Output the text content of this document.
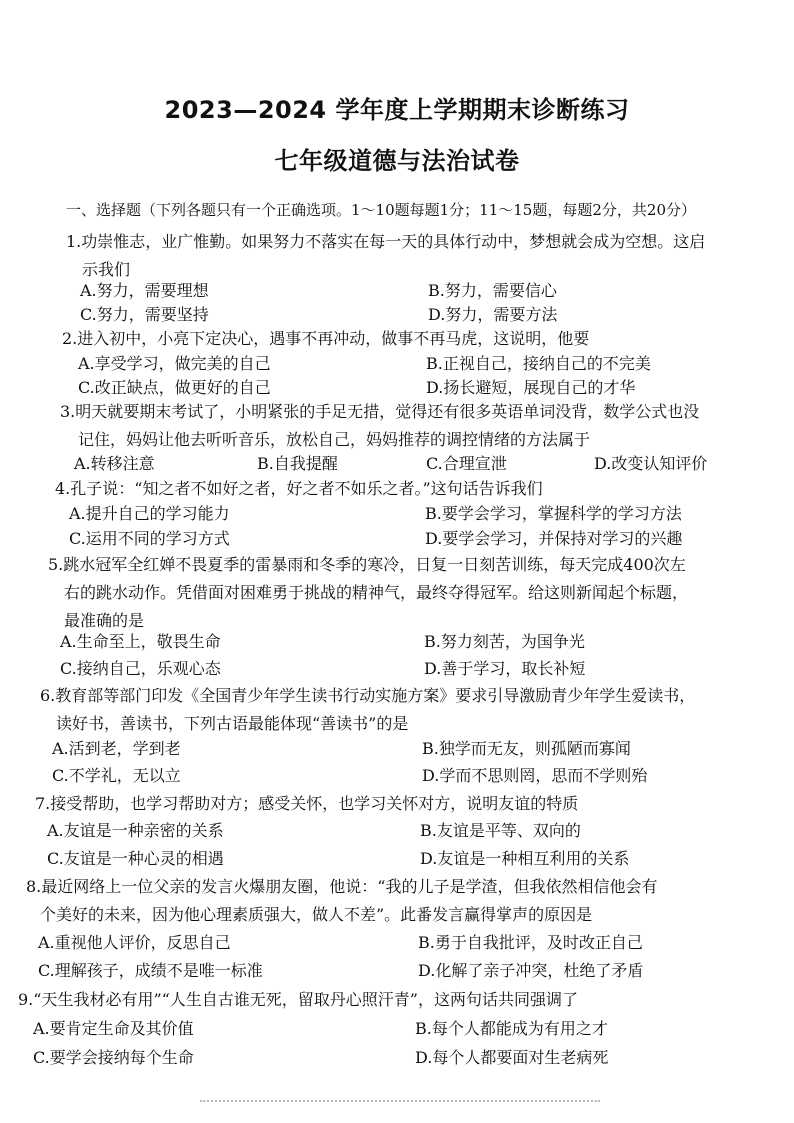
2023—2024 学年度上学期期末诊断练习
七年级道德与法治试卷
一、选择题（下列各题只有一个正确选项。1～10题每题1分；11～15题，每题2分，共20分）
1.功崇惟志，业广惟勤。如果努力不落实在每一天的具体行动中，梦想就会成为空想。这启
示我们
A.努力，需要理想	B.努力，需要信心
C.努力，需要坚持	D.努力，需要方法
2.进入初中，小亮下定决心，遇事不再冲动，做事不再马虎，这说明，他要
A.享受学习，做完美的自己	B.正视自己，接纳自己的不完美
C.改正缺点，做更好的自己	D.扬长避短，展现自己的才华
3.明天就要期末考试了，小明紧张的手足无措，觉得还有很多英语单词没背，数学公式也没
记住，妈妈让他去听听音乐，放松自己，妈妈推荐的调控情绪的方法属于
A.转移注意	B.自我提醒	C.合理宣泄	D.改变认知评价
4.孔子说：“知之者不如好之者，好之者不如乐之者。”这句话告诉我们
A.提升自己的学习能力	B.要学会学习，掌握科学的学习方法
C.运用不同的学习方式	D.要学会学习，并保持对学习的兴趣
5.跳水冠军全红婵不畏夏季的雷暴雨和冬季的寒冷，日复一日刻苦训练，每天完成400次左
右的跳水动作。凭借面对困难勇于挑战的精神气，最终夺得冠军。给这则新闻起个标题，
最准确的是
A.生命至上，敬畏生命	B.努力刻苦，为国争光
C.接纳自己，乐观心态	D.善于学习，取长补短
6.教育部等部门印发《全国青少年学生读书行动实施方案》要求引导激励青少年学生爱读书，
读好书，善读书，下列古语最能体现“善读书”的是
A.活到老，学到老	B.独学而无友，则孤陋而寡闻
C.不学礼，无以立	D.学而不思则罔，思而不学则殆
7.接受帮助，也学习帮助对方；感受关怀，也学习关怀对方，说明友谊的特质
A.友谊是一种亲密的关系	B.友谊是平等、双向的
C.友谊是一种心灵的相遇	D.友谊是一种相互利用的关系
8.最近网络上一位父亲的发言火爆朋友圈，他说：“我的儿子是学渣，但我依然相信他会有
个美好的未来，因为他心理素质强大，做人不差”。此番发言赢得掌声的原因是
A.重视他人评价，反思自己	B.勇于自我批评，及时改正自己
C.理解孩子，成绩不是唯一标准	D.化解了亲子冲突，杜绝了矛盾
9.“天生我材必有用”“人生自古谁无死，留取丹心照汗青”，这两句话共同强调了
A.要肯定生命及其价值	B.每个人都能成为有用之才
C.要学会接纳每个生命	D.每个人都要面对生老病死
